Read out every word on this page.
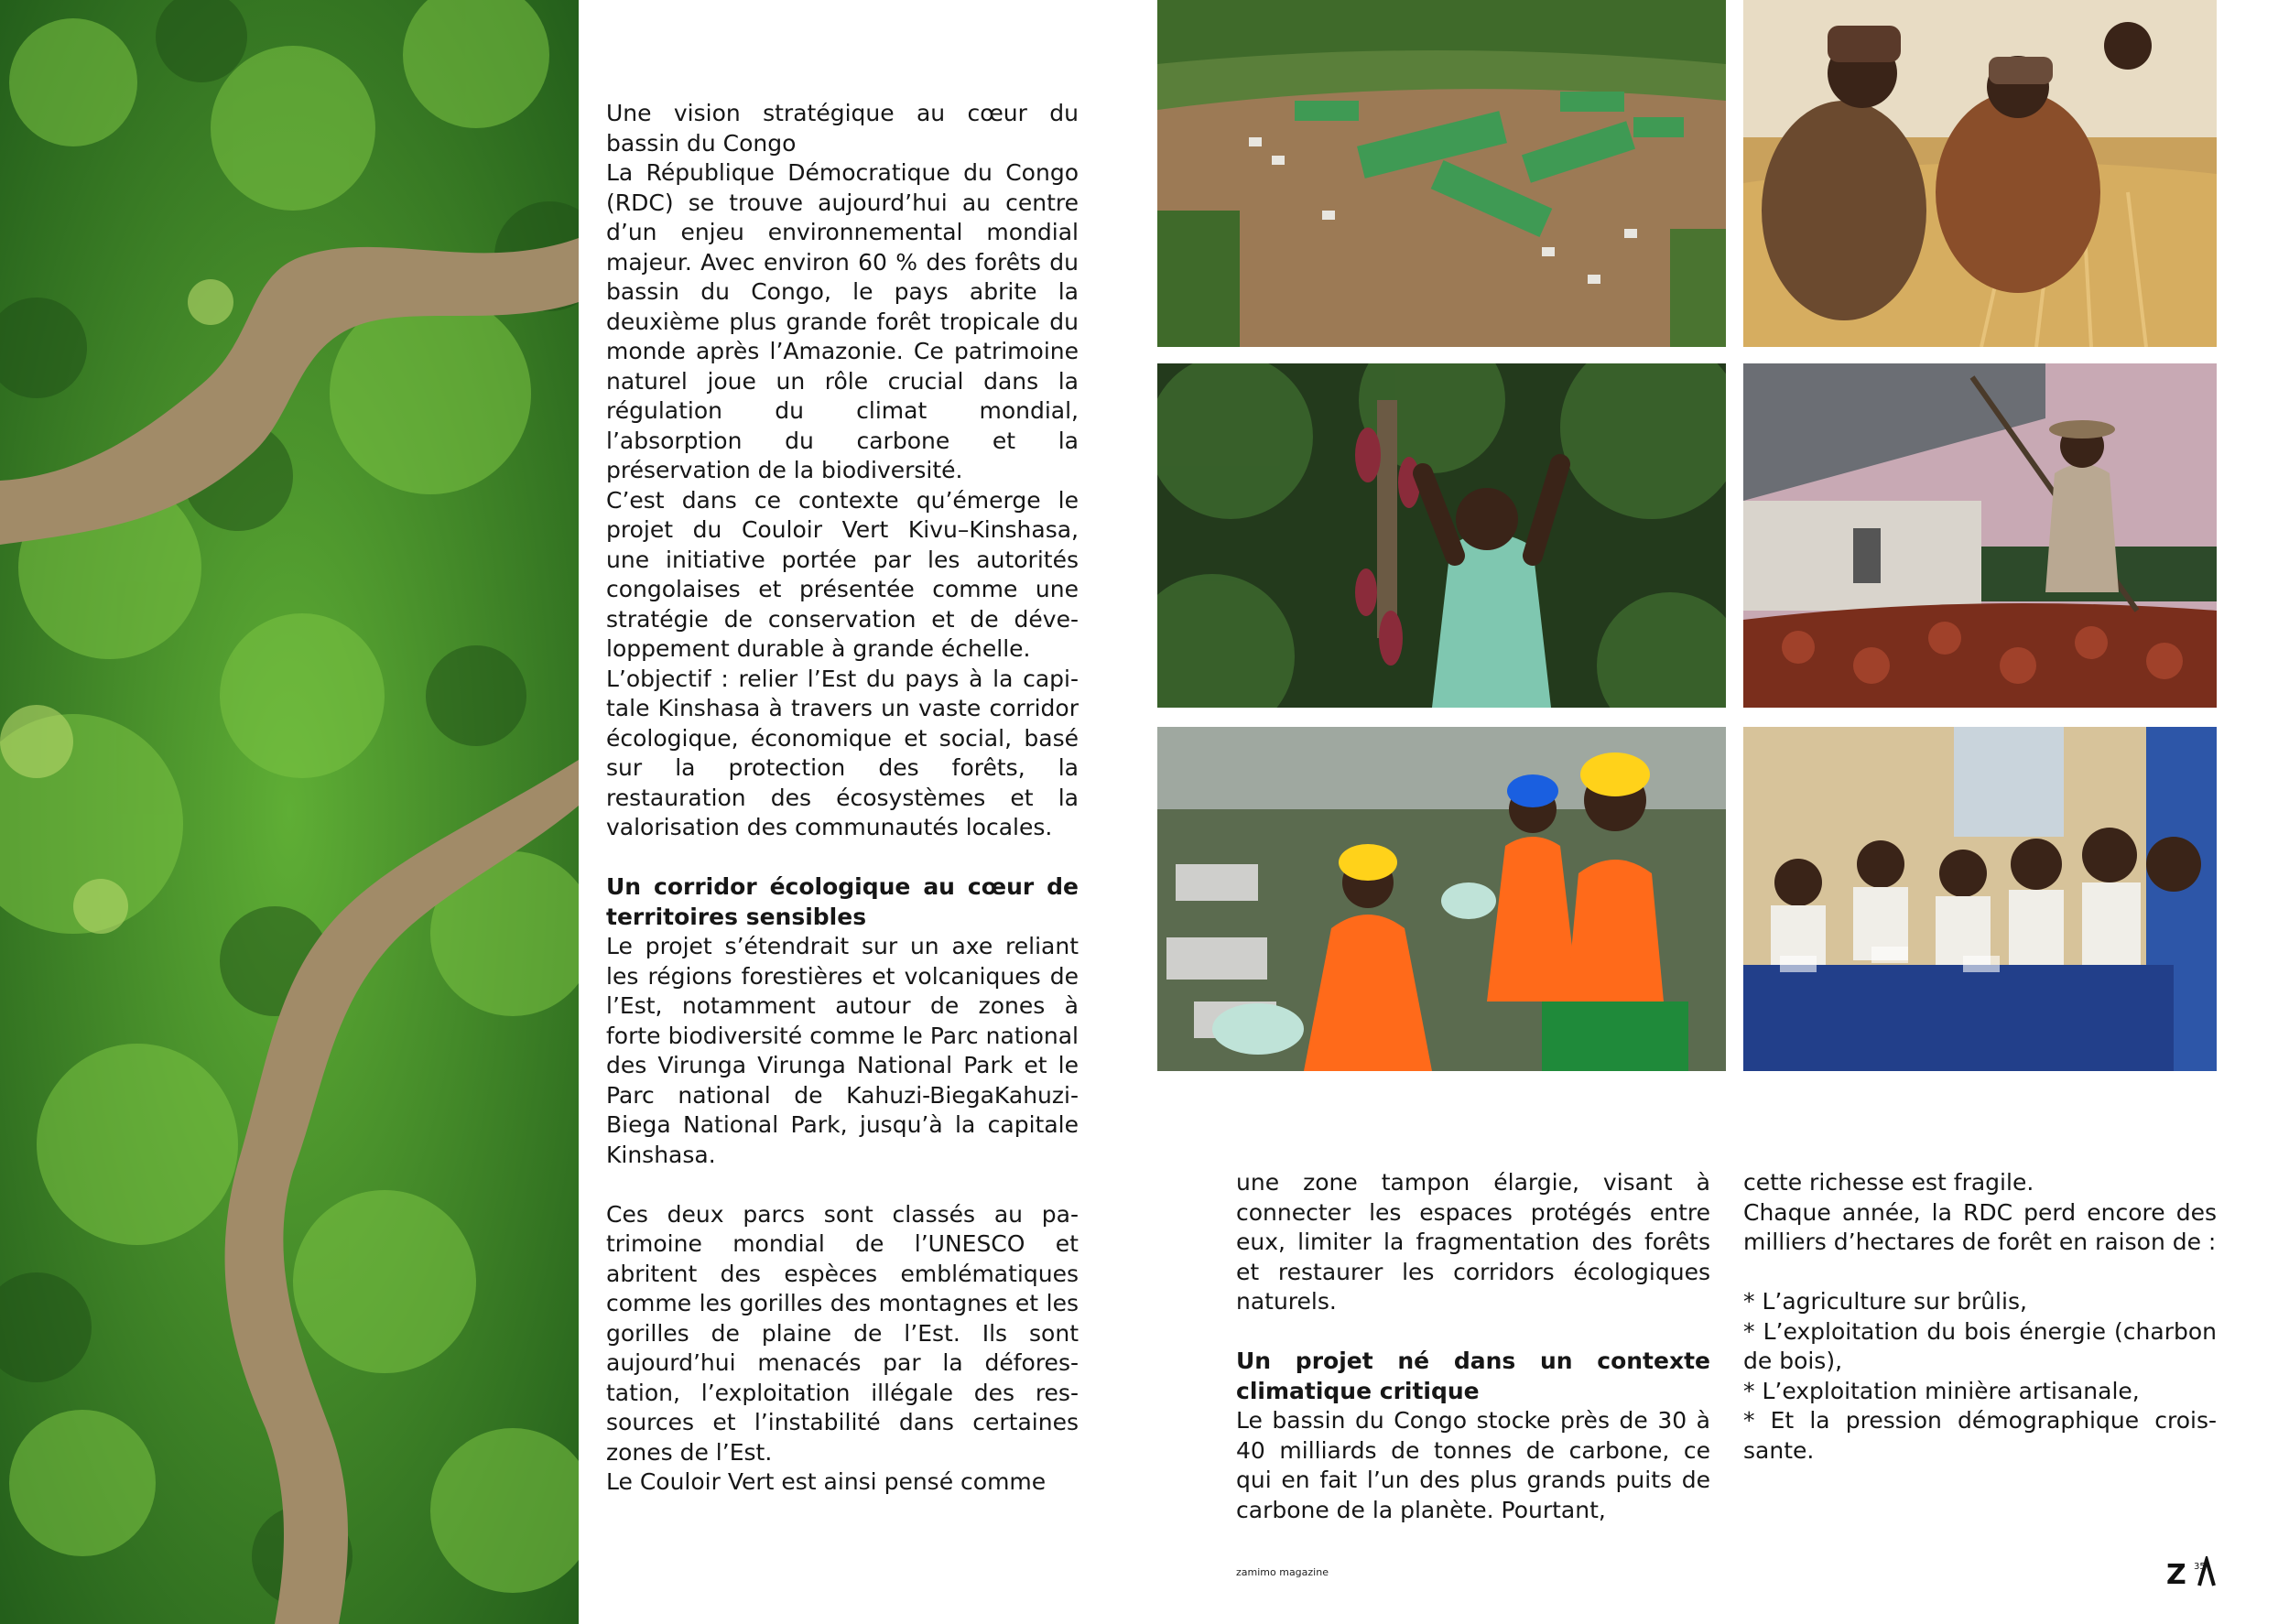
Une vision stratégique au cœur du bassin du Congo

La République Démocratique du Congo (RDC) se trouve aujourd’hui au centre d’un enjeu environnemental mondial majeur. Avec environ 60 % des forêts du bassin du Congo, le pays abrite la deuxième plus grande forêt tropicale du monde après l’Amazonie. Ce patrimoine naturel joue un rôle crucial dans la régulation du climat mondial, l’absorption du carbone et la préservation de la biodiversité.

C’est dans ce contexte qu’émerge le projet du Couloir Vert Kivu–Kinshasa, une initiative portée par les autorités congolaises et présentée comme une stratégie de conservation et de développement durable à grande échelle.

L’objectif : relier l’Est du pays à la capitale Kinshasa à travers un vaste corridor écologique, économique et social, basé sur la protection des forêts, la restauration des écosystèmes et la valorisation des communautés locales.

Un corridor écologique au cœur de territoires sensibles

Le projet s’étendrait sur un axe reliant les régions forestières et volcaniques de l’Est, notamment autour de zones à forte biodiversité comme le Parc national des Virunga Virunga National Park et le Parc national de Kahuzi-BiegaKahuzi-Biega National Park, jusqu’à la capitale Kinshasa.

Ces deux parcs sont classés au patrimoine mondial de l’UNESCO et abritent des espèces emblématiques comme les gorilles des montagnes et les gorilles de plaine de l’Est. Ils sont aujourd’hui menacés par la déforestation, l’exploitation illégale des ressources et l’instabilité dans certaines zones de l’Est.

Le Couloir Vert est ainsi pensé comme

une zone tampon élargie, visant à connecter les espaces protégés entre eux, limiter la fragmentation des forêts et restaurer les corridors écologiques naturels.

Un projet né dans un contexte climatique critique

Le bassin du Congo stocke près de 30 à 40 milliards de tonnes de carbone, ce qui en fait l’un des plus grands puits de carbone de la planète. Pourtant,

cette richesse est fragile.

Chaque année, la RDC perd encore des milliers d’hectares de forêt en raison de :

* L’agriculture sur brûlis,
* L’exploitation du bois énergie (charbon de bois),
* L’exploitation minière artisanale,
* Et la pression démographique croissante.
zamimo magazine	Z 35
